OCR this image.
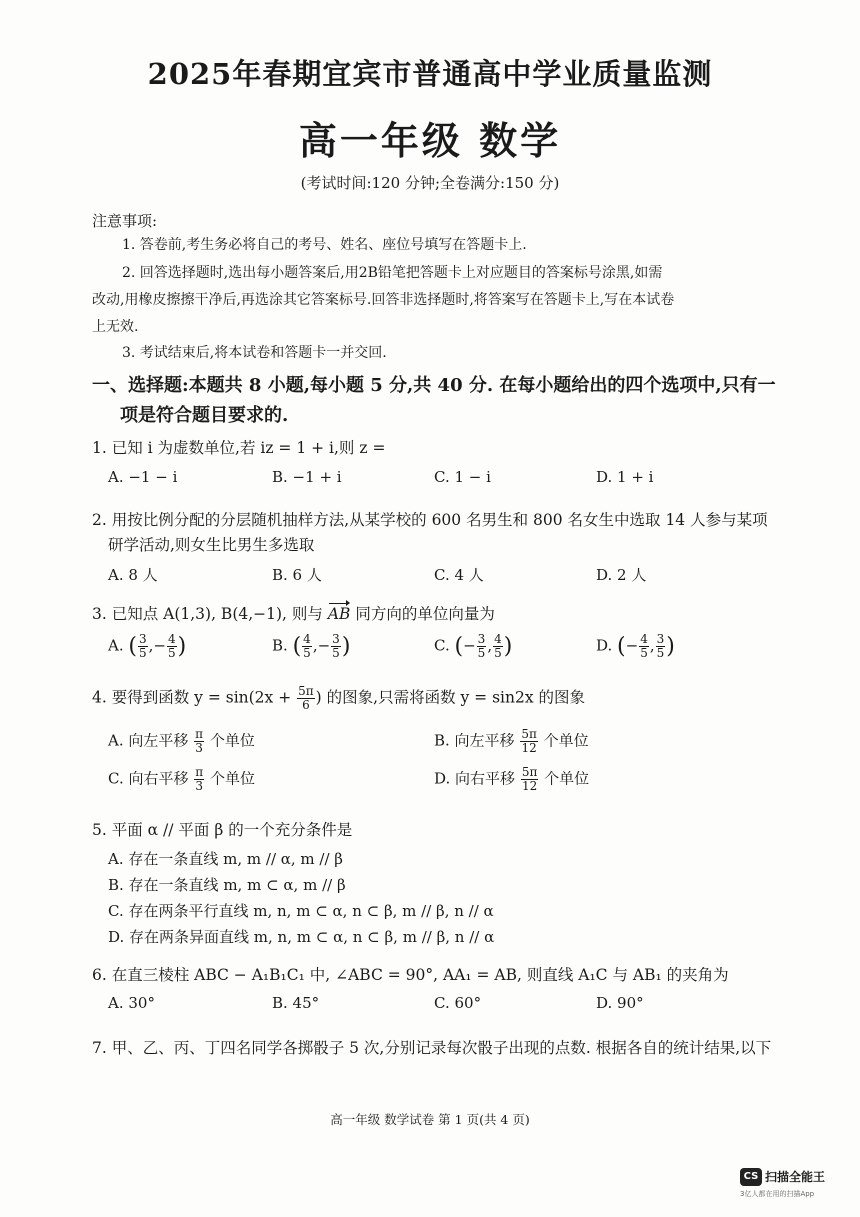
2025年春期宜宾市普通高中学业质量监测
高一年级 数学
(考试时间:120 分钟;全卷满分:150 分)
注意事项:
1. 答卷前,考生务必将自己的考号、姓名、座位号填写在答题卡上.
2. 回答选择题时,选出每小题答案后,用2B铅笔把答题卡上对应题目的答案标号涂黑,如需
改动,用橡皮擦擦干净后,再选涂其它答案标号.回答非选择题时,将答案写在答题卡上,写在本试卷
上无效.
3. 考试结束后,将本试卷和答题卡一并交回.
一、选择题:本题共 8 小题,每小题 5 分,共 40 分. 在每小题给出的四个选项中,只有一
项是符合题目要求的.
1. 已知 i 为虚数单位,若 iz = 1 + i,则 z =
A. −1 − i	B. −1 + i	C. 1 − i	D. 1 + i
2. 用按比例分配的分层随机抽样方法,从某学校的 600 名男生和 800 名女生中选取 14 人参与某项
研学活动,则女生比男生多选取
A. 8 人	B. 6 人	C. 4 人	D. 2 人
3. 已知点 A(1,3), B(4,−1), 则与 AB 同方向的单位向量为
A. ( $\frac{3}{5}$ ,− $\frac{4}{5}$ )	B. ( $\frac{4}{5}$ ,− $\frac{3}{5}$ )	C. (− $\frac{3}{5}$ , $\frac{4}{5}$ )	D. (− $\frac{4}{5}$ , $\frac{3}{5}$ )
4. 要得到函数 $y = \sin(2x + \frac{5\pi}{6}$ ) 的图象,只需将函数 y = sin2x 的图象
A. 向左平移 $\frac{\pi}{3}$ 个单位	B. 向左平移 $\frac{5\pi}{12}$ 个单位
C. 向右平移 $\frac{\pi}{3}$ 个单位	D. 向右平移 $\frac{5\pi}{12}$ 个单位
5. 平面 α // 平面 β 的一个充分条件是
A. 存在一条直线 m, m // α, m // β
B. 存在一条直线 m, m ⊂ α, m // β
C. 存在两条平行直线 m, n, m ⊂ α, n ⊂ β, m // β, n // α
D. 存在两条异面直线 m, n, m ⊂ α, n ⊂ β, m // β, n // α
6. 在直三棱柱 ABC − A₁B₁C₁ 中, ∠ABC = 90°, AA₁ = AB, 则直线 A₁C 与 AB₁ 的夹角为
A. 30°	B. 45°	C. 60°	D. 90°
7. 甲、乙、丙、丁四名同学各掷骰子 5 次,分别记录每次骰子出现的点数. 根据各自的统计结果,以下
高一年级 数学试卷 第 1 页(共 4 页)
CS 扫描全能王
3亿人都在用的扫描App
